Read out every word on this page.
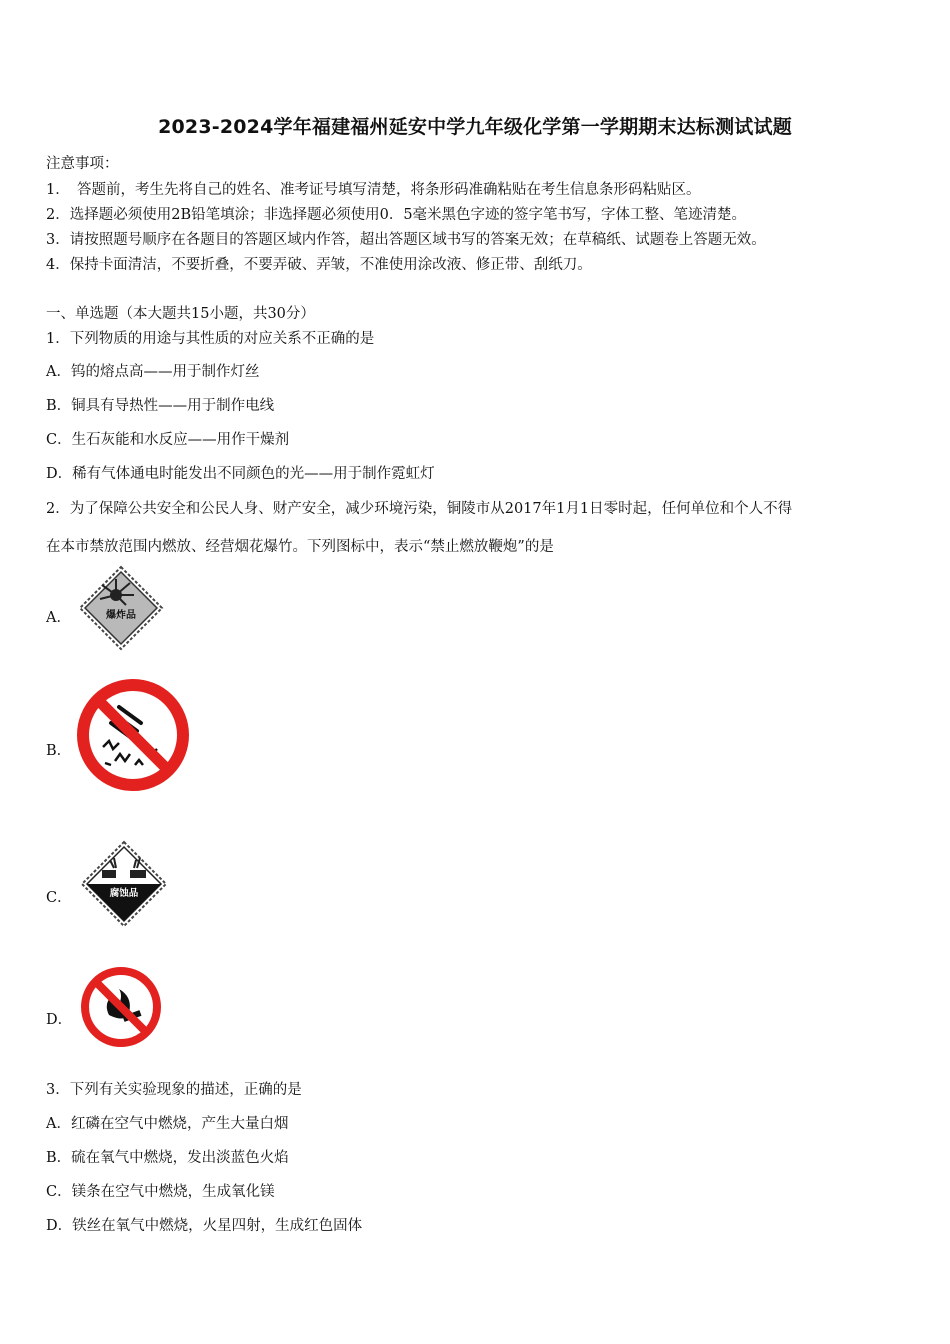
2023-2024学年福建福州延安中学九年级化学第一学期期末达标测试试题
注意事项：
1．　答题前，考生先将自己的姓名、准考证号填写清楚，将条形码准确粘贴在考生信息条形码粘贴区。
2．选择题必须使用2B铅笔填涂；非选择题必须使用0．5毫米黑色字迹的签字笔书写，字体工整、笔迹清楚。
3．请按照题号顺序在各题目的答题区域内作答，超出答题区域书写的答案无效；在草稿纸、试题卷上答题无效。
4．保持卡面清洁，不要折叠，不要弄破、弄皱，不准使用涂改液、修正带、刮纸刀。
一、单选题（本大题共15小题，共30分）
1．下列物质的用途与其性质的对应关系不正确的是
A．钨的熔点高——用于制作灯丝
B．铜具有导热性——用于制作电线
C．生石灰能和水反应——用作干燥剂
D．稀有气体通电时能发出不同颜色的光——用于制作霓虹灯
2．为了保障公共安全和公民人身、财产安全，减少环境污染，铜陵市从2017年1月1日零时起，任何单位和个人不得
在本市禁放范围内燃放、经营烟花爆竹。下列图标中，表示“禁止燃放鞭炮”的是
A．	爆炸品
B．
C．	腐蚀品
D．
3．下列有关实验现象的描述，正确的是
A．红磷在空气中燃烧，产生大量白烟
B．硫在氧气中燃烧，发出淡蓝色火焰
C．镁条在空气中燃烧，生成氧化镁
D．铁丝在氧气中燃烧，火星四射，生成红色固体
